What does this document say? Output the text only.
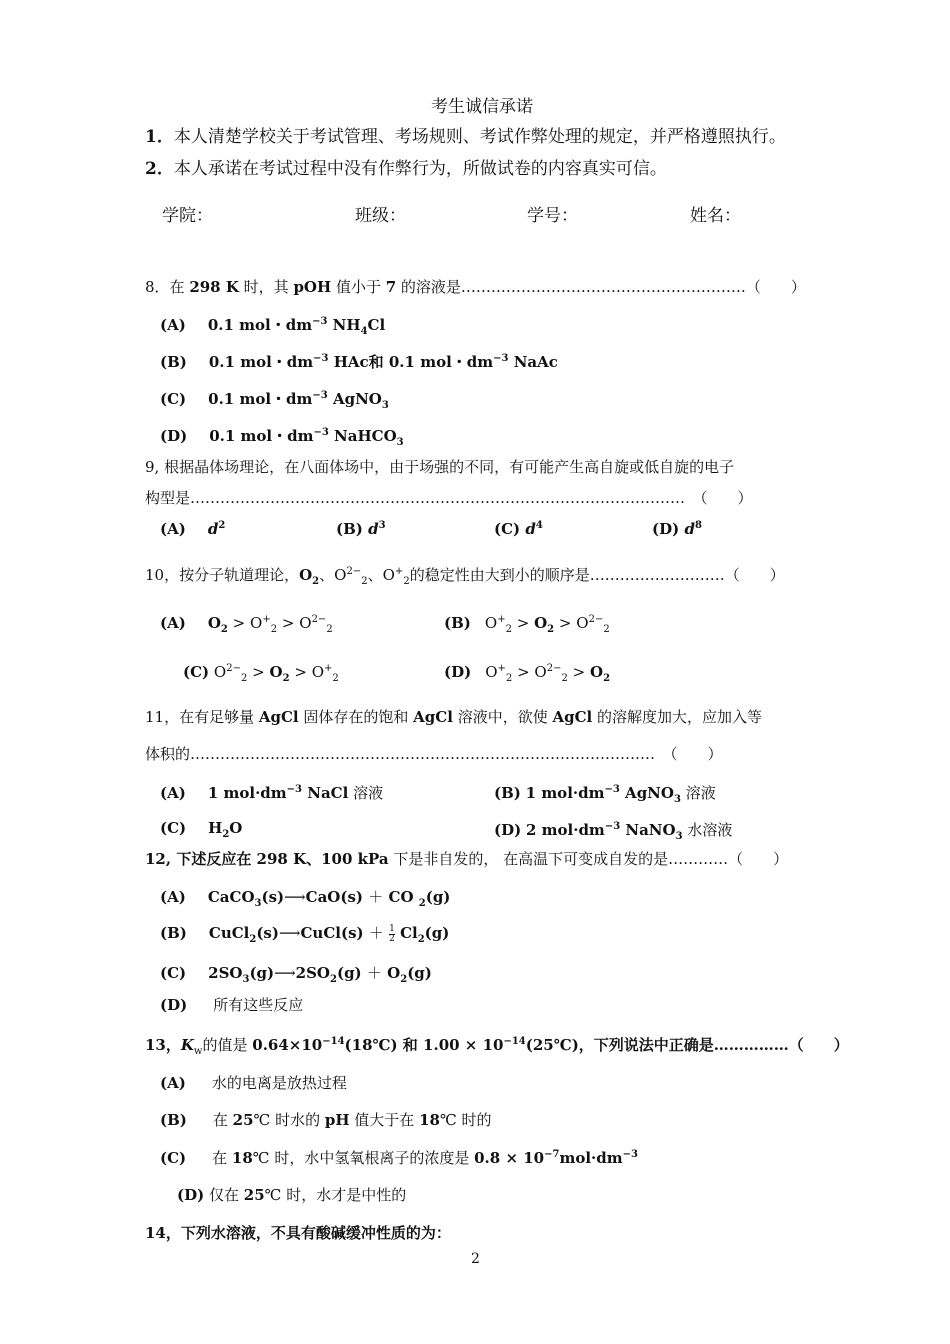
考生诚信承诺
1．本人清楚学校关于考试管理、考场规则、考试作弊处理的规定，并严格遵照执行。
2．本人承诺在考试过程中没有作弊行为，所做试卷的内容真实可信。
学院：	班级：	学号：	姓名：
8．在 298 K 时，其 pOH 值小于 7 的溶液是…………………………………………………（　　）
(A) 0.1 mol・$dm^{-3}$ $NH_4Cl$
(B) 0.1 mol・$dm^{-3}$ HAc和 0.1 mol・$dm^{-3}$ NaAc
(C) 0.1 mol・$dm^{-3}$ AgNO$_3$
(D) 0.1 mol・$dm^{-3}$ NaHCO$_3$
9, 根据晶体场理论，在八面体场中，由于场强的不同，有可能产生高自旋或低自旋的电子
构型是………………………………………………………………………………………　（　　）
(A) $d^2$	(B) $d^3$	(C) $d^4$	(D) $d^8$
10，按分子轨道理论，$O_2$、$O^{2-}_2$、$O^+_2$的稳定性由大到小的顺序是………………………（　　）
(A) $O_2 > O^+_2 > O^{2-}_2$	(B) $O^+_2 > O_2 > O^{2-}_2$
(C) $O^{2-}_2 > O_2 > O^+_2$	(D) $O^+_2 > O^{2-}_2 > O_2$
11，在有足够量 AgCl 固体存在的饱和 AgCl 溶液中，欲使 AgCl 的溶解度加大，应加入等
体积的…………………………………………………………………………………　（　　）
(A) 1 $mol\cdot dm^{-3}$ NaCl 溶液	(B) 1 $mol\cdot dm^{-3}$ AgNO$_3$ 溶液
(C) $H_2O$	(D) 2 $mol\cdot dm^{-3}$ NaNO$_3$ 水溶液
12, 下述反应在 298 K、100 kPa 下是非自发的， 在高温下可变成自发的是…………（　　）
(A) CaCO$_3$(s)⟶CaO(s) ＋ CO $_2$(g)
(B) CuCl$_2$(s)⟶CuCl(s) ＋ $\frac{1}{2} Cl_2(g)$
(C) $2SO_3(g)⟶2SO_2(g) + O_2(g)$
(D) 所有这些反应
13，$K_w$的值是 $0.64\times 10^{-14}(18℃)$ 和 $1.00 \times 10^{-14}(25℃)$，下列说法中正确是……………（　　）
(A) 水的电离是放热过程
(B) 在 25℃ 时水的 pH 值大于在 18℃ 时的
(C) 在 18℃ 时，水中氢氧根离子的浓度是 $0.8 \times 10^{-7}mol\cdot dm^{-3}$
(D) 仅在 25℃ 时，水才是中性的
14，下列水溶液，不具有酸碱缓冲性质的为：
2
